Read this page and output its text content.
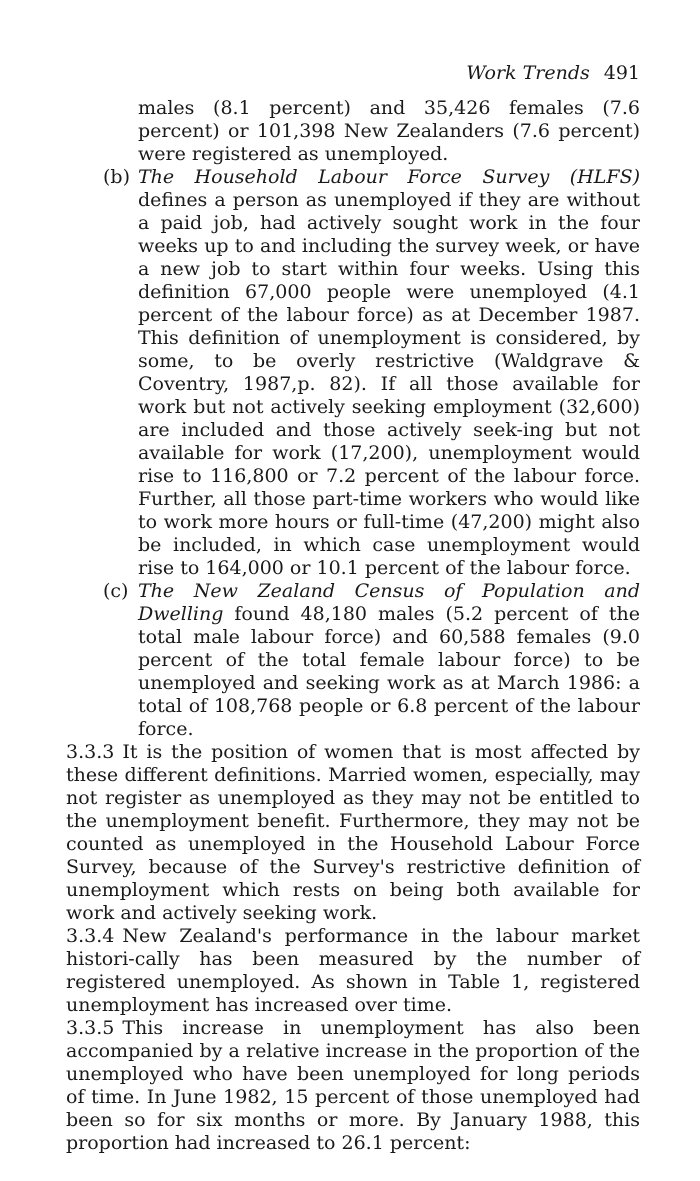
Work Trends 491

males (8.1 percent) and 35,426 females (7.6 percent) or 101,398 New Zealanders (7.6 percent) were registered as unemployed.

(b) The Household Labour Force Survey (HLFS) defines a person as unemployed if they are without a paid job, had actively sought work in the four weeks up to and including the survey week, or have a new job to start within four weeks. Using this definition 67,000 people were unemployed (4.1 percent of the labour force) as at December 1987. This definition of unemployment is considered, by some, to be overly restrictive (Waldgrave & Coventry, 1987,p. 82). If all those available for work but not actively seeking employment (32,600) are included and those actively seek-ing but not available for work (17,200), unemployment would rise to 116,800 or 7.2 percent of the labour force. Further, all those part-time workers who would like to work more hours or full-time (47,200) might also be included, in which case unemployment would rise to 164,000 or 10.1 percent of the labour force.

(c) The New Zealand Census of Population and Dwelling found 48,180 males (5.2 percent of the total male labour force) and 60,588 females (9.0 percent of the total female labour force) to be unemployed and seeking work as at March 1986: a total of 108,768 people or 6.8 percent of the labour force.

3.3.3 It is the position of women that is most affected by these different definitions. Married women, especially, may not register as unemployed as they may not be entitled to the unemployment benefit. Furthermore, they may not be counted as unemployed in the Household Labour Force Survey, because of the Survey's restrictive definition of unemployment which rests on being both available for work and actively seeking work.

3.3.4 New Zealand's performance in the labour market histori-cally has been measured by the number of registered unemployed. As shown in Table 1, registered unemployment has increased over time.

3.3.5 This increase in unemployment has also been accompanied by a relative increase in the proportion of the unemployed who have been unemployed for long periods of time. In June 1982, 15 percent of those unemployed had been so for six months or more. By January 1988, this proportion had increased to 26.1 percent:
